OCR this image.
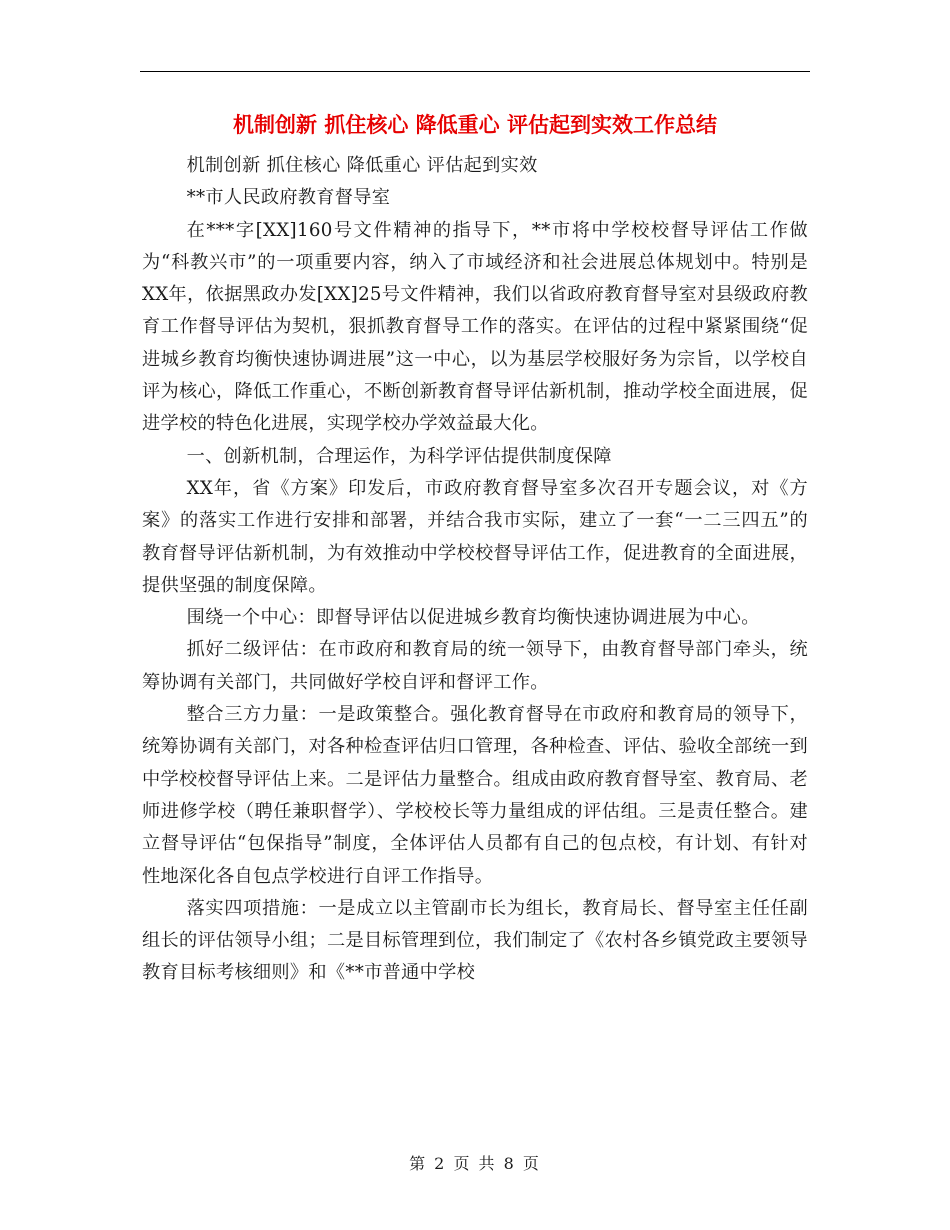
机制创新 抓住核心 降低重心 评估起到实效工作总结

机制创新 抓住核心 降低重心 评估起到实效

**市人民政府教育督导室

在***字[XX]160号文件精神的指导下，**市将中学校校督导评估工作做为“科教兴市”的一项重要内容，纳入了市域经济和社会进展总体规划中。特别是XX年，依据黑政办发[XX]25号文件精神，我们以省政府教育督导室对县级政府教育工作督导评估为契机，狠抓教育督导工作的落实。在评估的过程中紧紧围绕“促进城乡教育均衡快速协调进展”这一中心，以为基层学校服好务为宗旨，以学校自评为核心，降低工作重心，不断创新教育督导评估新机制，推动学校全面进展，促进学校的特色化进展，实现学校办学效益最大化。

一、创新机制，合理运作，为科学评估提供制度保障

XX年，省《方案》印发后，市政府教育督导室多次召开专题会议，对《方案》的落实工作进行安排和部署，并结合我市实际，建立了一套“一二三四五”的教育督导评估新机制，为有效推动中学校校督导评估工作，促进教育的全面进展，提供坚强的制度保障。

围绕一个中心：即督导评估以促进城乡教育均衡快速协调进展为中心。

抓好二级评估：在市政府和教育局的统一领导下，由教育督导部门牵头，统筹协调有关部门，共同做好学校自评和督评工作。

整合三方力量：一是政策整合。强化教育督导在市政府和教育局的领导下，统筹协调有关部门，对各种检查评估归口管理，各种检查、评估、验收全部统一到中学校校督导评估上来。二是评估力量整合。组成由政府教育督导室、教育局、老师进修学校（聘任兼职督学）、学校校长等力量组成的评估组。三是责任整合。建立督导评估“包保指导”制度，全体评估人员都有自己的包点校，有计划、有针对性地深化各自包点学校进行自评工作指导。

落实四项措施：一是成立以主管副市长为组长，教育局长、督导室主任任副组长的评估领导小组；二是目标管理到位，我们制定了《农村各乡镇党政主要领导教育目标考核细则》和《**市普通中学校

第 2 页 共 8 页
